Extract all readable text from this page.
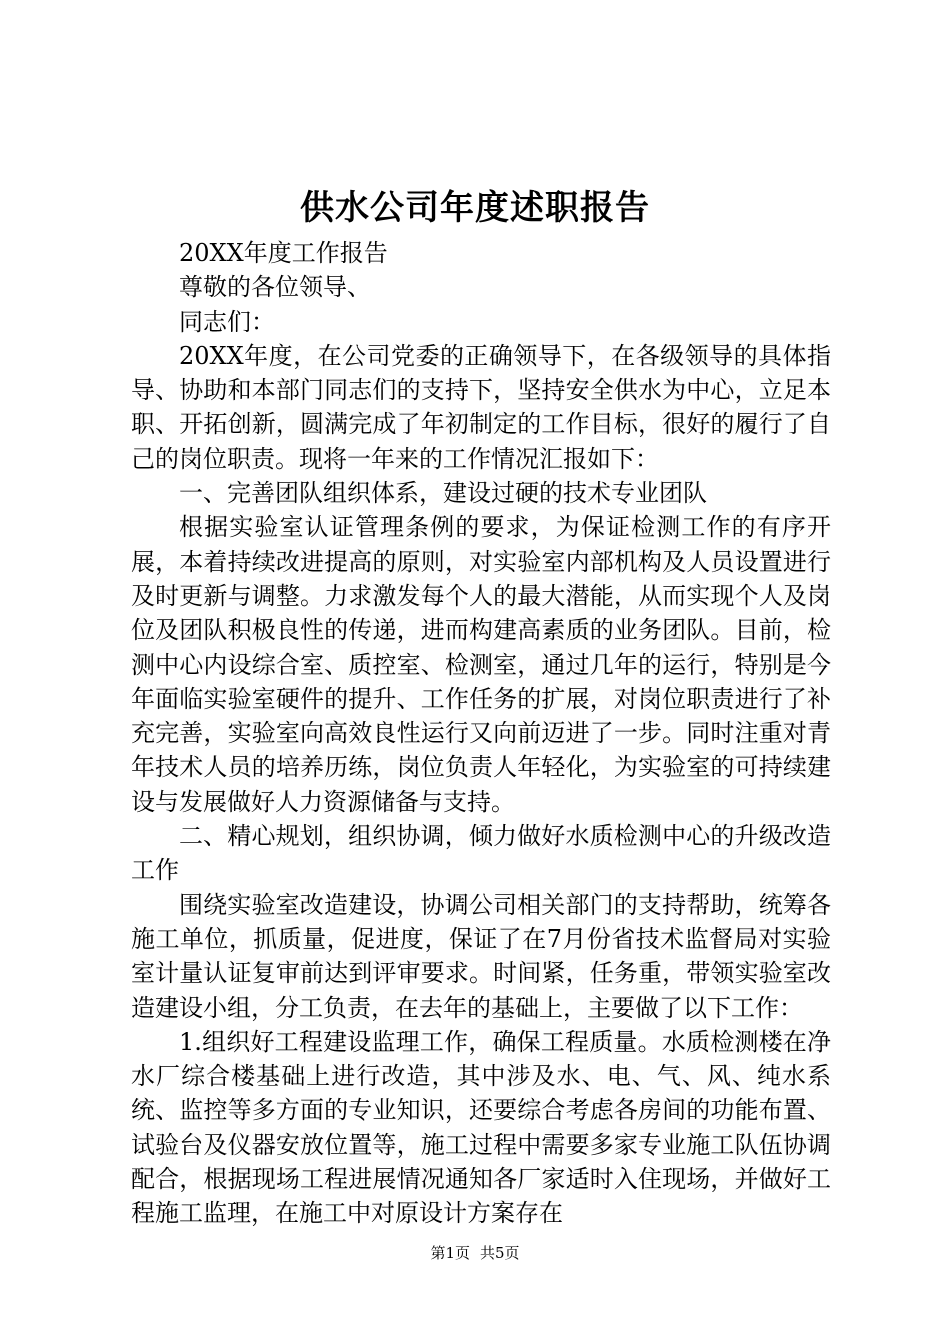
供水公司年度述职报告

20XX年度工作报告

尊敬的各位领导、

同志们：

20XX年度，在公司党委的正确领导下，在各级领导的具体指导、协助和本部门同志们的支持下，坚持安全供水为中心，立足本职、开拓创新，圆满完成了年初制定的工作目标，很好的履行了自己的岗位职责。现将一年来的工作情况汇报如下：

一、完善团队组织体系，建设过硬的技术专业团队

根据实验室认证管理条例的要求，为保证检测工作的有序开展，本着持续改进提高的原则，对实验室内部机构及人员设置进行及时更新与调整。力求激发每个人的最大潜能，从而实现个人及岗位及团队积极良性的传递，进而构建高素质的业务团队。目前，检测中心内设综合室、质控室、检测室，通过几年的运行，特别是今年面临实验室硬件的提升、工作任务的扩展，对岗位职责进行了补充完善，实验室向高效良性运行又向前迈进了一步。同时注重对青年技术人员的培养历练，岗位负责人年轻化，为实验室的可持续建设与发展做好人力资源储备与支持。

二、精心规划，组织协调，倾力做好水质检测中心的升级改造工作

围绕实验室改造建设，协调公司相关部门的支持帮助，统筹各施工单位，抓质量，促进度，保证了在7月份省技术监督局对实验室计量认证复审前达到评审要求。时间紧，任务重，带领实验室改造建设小组，分工负责，在去年的基础上，主要做了以下工作：

1.组织好工程建设监理工作，确保工程质量。水质检测楼在净水厂综合楼基础上进行改造，其中涉及水、电、气、风、纯水系统、监控等多方面的专业知识，还要综合考虑各房间的功能布置、试验台及仪器安放位置等，施工过程中需要多家专业施工队伍协调配合，根据现场工程进展情况通知各厂家适时入住现场，并做好工程施工监理，在施工中对原设计方案存在

第1页 共5页
